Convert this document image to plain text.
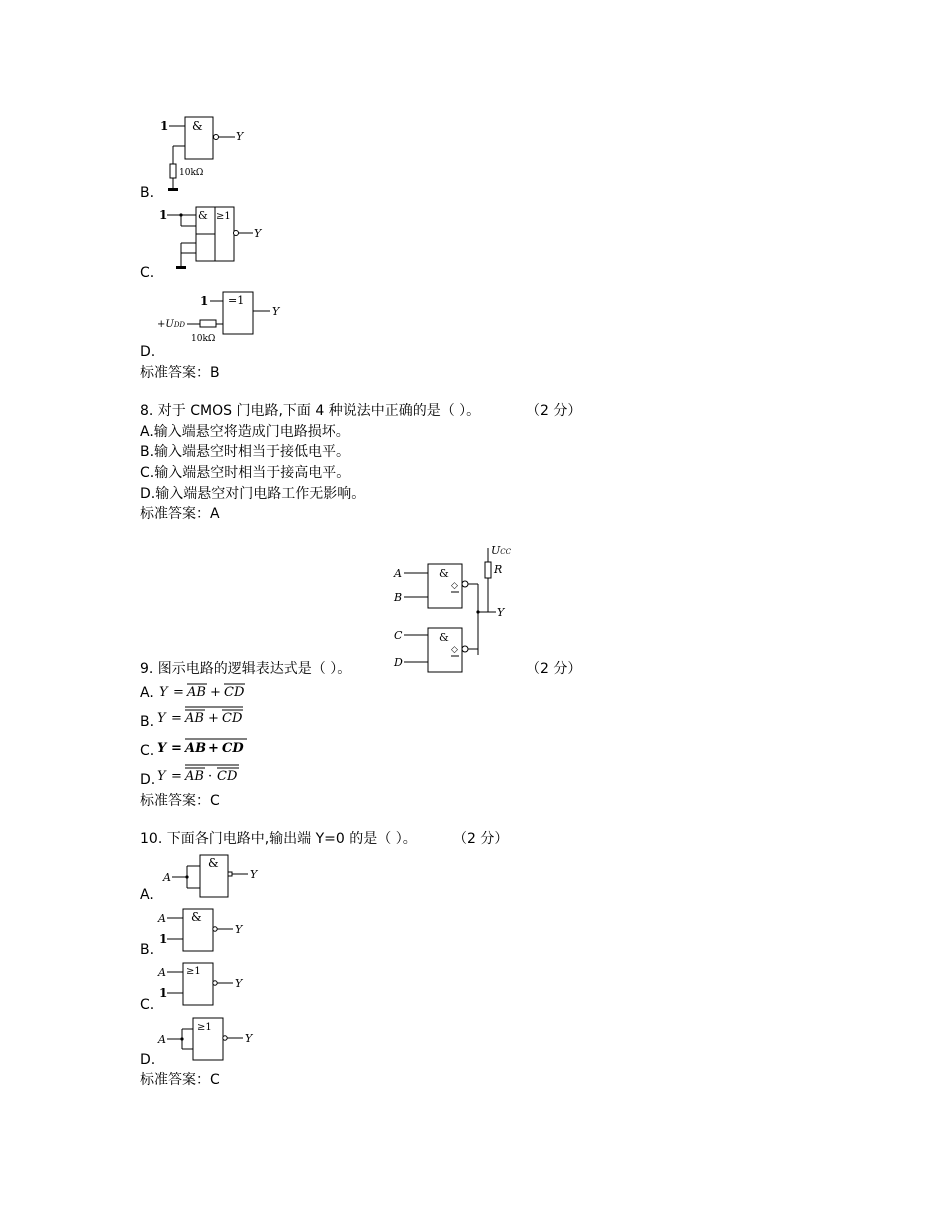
1 &
Y
10kΩ
B.
1	& ≥1
Y
C.
1 =1
Y
+UDD
10kΩ
D.
标准答案：B
8. 对于 CMOS 门电路,下面 4 种说法中正确的是（ ）。	（2 分）
A.输入端悬空将造成门电路损坏。
B.输入端悬空时相当于接低电平。
C.输入端悬空时相当于接高电平。
D.输入端悬空对门电路工作无影响。
标准答案：A
UCC
R
A
B
&
◇
Y
C
D
&
◇
9. 图示电路的逻辑表达式是（ ）。	（2 分）
A. Y = AB + CD
B. Y = AB + CD
C. Y = AB + CD
D. Y = AB · CD
标准答案：C
10. 下面各门电路中,输出端 Y=0 的是（ ）。	（2 分）
A
&
Y
A.
A
1
&
Y
B.
A
1
≥1
Y
C.
A
≥1
Y
D.
标准答案：C
